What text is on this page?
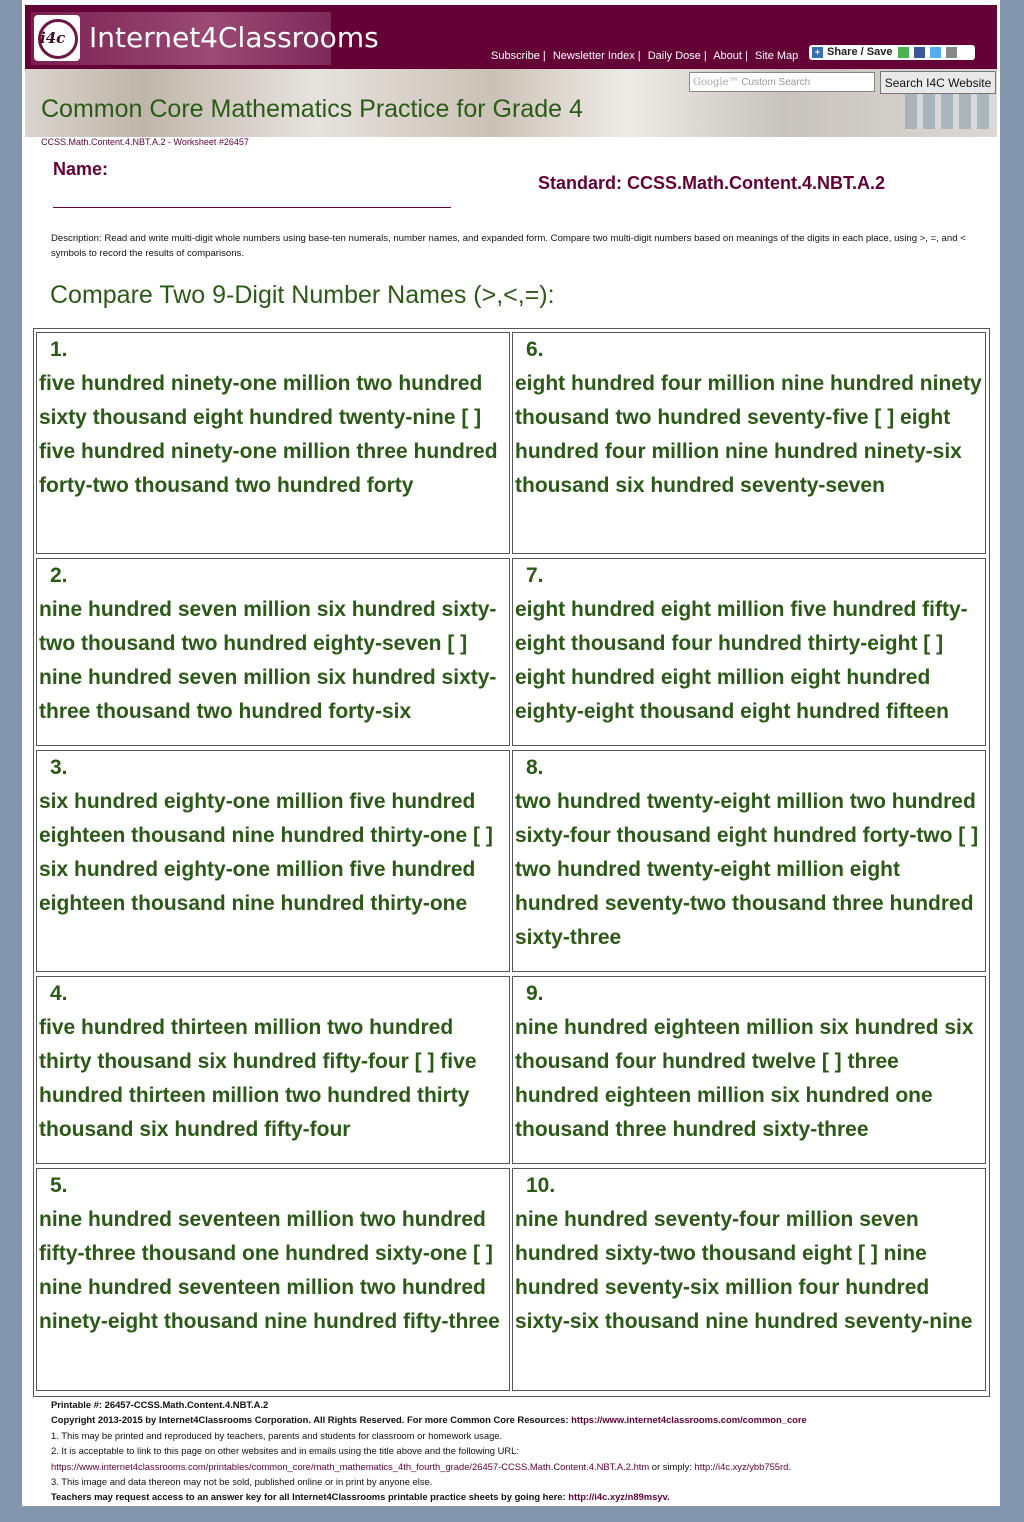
i4c Internet4Classrooms
Subscribe | Newsletter Index | Daily Dose | About | Site Map	+ Share / Save
Google™ Custom Search	Search I4C Website
Common Core Mathematics Practice for Grade 4
CCSS.Math.Content.4.NBT.A.2 - Worksheet #26457
Name:
Standard: CCSS.Math.Content.4.NBT.A.2
Description: Read and write multi-digit whole numbers using base-ten numerals, number names, and expanded form. Compare two multi-digit numbers based on meanings of the digits in each place, using >, =, and < symbols to record the results of comparisons.
Compare Two 9-Digit Number Names (>,<,=):
1.
five hundred ninety-one million two hundred sixty thousand eight hundred twenty-nine [ ] five hundred ninety-one million three hundred forty-two thousand two hundred forty
6.
eight hundred four million nine hundred ninety thousand two hundred seventy-five [ ] eight hundred four million nine hundred ninety-six thousand six hundred seventy-seven
2.
nine hundred seven million six hundred sixty-two thousand two hundred eighty-seven [ ] nine hundred seven million six hundred sixty-three thousand two hundred forty-six
7.
eight hundred eight million five hundred fifty-eight thousand four hundred thirty-eight [ ] eight hundred eight million eight hundred eighty-eight thousand eight hundred fifteen
3.
six hundred eighty-one million five hundred eighteen thousand nine hundred thirty-one [ ] six hundred eighty-one million five hundred eighteen thousand nine hundred thirty-one
8.
two hundred twenty-eight million two hundred sixty-four thousand eight hundred forty-two [ ] two hundred twenty-eight million eight hundred seventy-two thousand three hundred sixty-three
4.
five hundred thirteen million two hundred thirty thousand six hundred fifty-four [ ] five hundred thirteen million two hundred thirty thousand six hundred fifty-four
9.
nine hundred eighteen million six hundred six thousand four hundred twelve [ ] three hundred eighteen million six hundred one thousand three hundred sixty-three
5.
nine hundred seventeen million two hundred fifty-three thousand one hundred sixty-one [ ] nine hundred seventeen million two hundred ninety-eight thousand nine hundred fifty-three
10.
nine hundred seventy-four million seven hundred sixty-two thousand eight [ ] nine hundred seventy-six million four hundred sixty-six thousand nine hundred seventy-nine
Printable #: 26457-CCSS.Math.Content.4.NBT.A.2
Copyright 2013-2015 by Internet4Classrooms Corporation. All Rights Reserved. For more Common Core Resources: https://www.internet4classrooms.com/common_core
1. This may be printed and reproduced by teachers, parents and students for classroom or homework usage.
2. It is acceptable to link to this page on other websites and in emails using the title above and the following URL:
https://www.internet4classrooms.com/printables/common_core/math_mathematics_4th_fourth_grade/26457-CCSS.Math.Content.4.NBT.A.2.htm or simply: http://i4c.xyz/ybb755rd.
3. This image and data thereon may not be sold, published online or in print by anyone else.
Teachers may request access to an answer key for all Internet4Classrooms printable practice sheets by going here: http://i4c.xyz/n89msyv.
